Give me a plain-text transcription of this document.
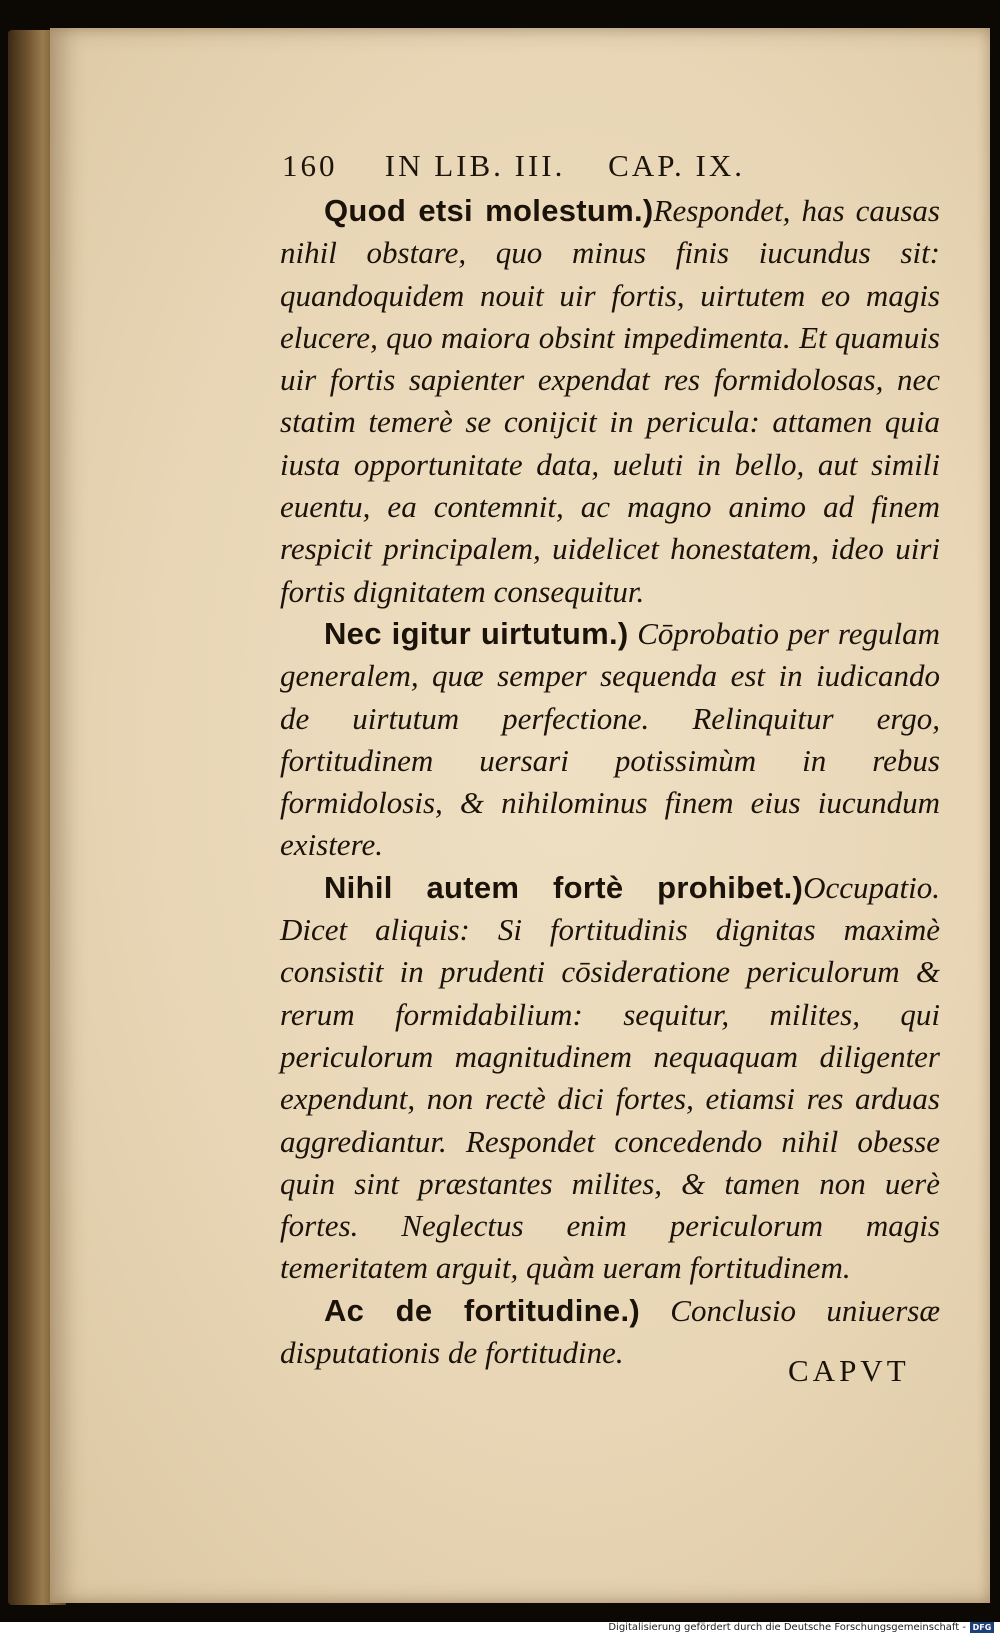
160 IN LIB. III. CAP. IX.

Quod etsi molestum.)Respondet, has causas nihil obstare, quo minus finis iucundus sit: quandoquidem nouit uir fortis, uirtutem eo magis elucere, quo maiora obsint impedimenta. Et quamuis uir fortis sapienter expendat res formidolosas, nec statim temerè se conijcit in pericula: attamen quia iusta opportunitate data, ueluti in bello, aut simili euentu, ea contemnit, ac magno animo ad finem respicit principalem, uidelicet honestatem, ideo uiri fortis dignitatem consequitur.

Nec igitur uirtutum.) Cōprobatio per regulam generalem, quæ semper sequenda est in iudicando de uirtutum perfectione. Relinquitur ergo, fortitudinem uersari potissimùm in rebus formidolosis, & nihilominus finem eius iucundum existere.

Nihil autem fortè prohibet.)Occupatio. Dicet aliquis: Si fortitudinis dignitas maximè consistit in prudenti cōsideratione periculorum & rerum formidabilium: sequitur, milites, qui periculorum magnitudinem nequaquam diligenter expendunt, non rectè dici fortes, etiamsi res arduas aggrediantur. Respondet concedendo nihil obesse quin sint præstantes milites, & tamen non uerè fortes. Neglectus enim periculorum magis temeritatem arguit, quàm ueram fortitudinem.

Ac de fortitudine.) Conclusio uniuersæ disputationis de fortitudine.

CAPVT
Digitalisierung gefördert durch die Deutsche Forschungsgemeinschaft - DFG
